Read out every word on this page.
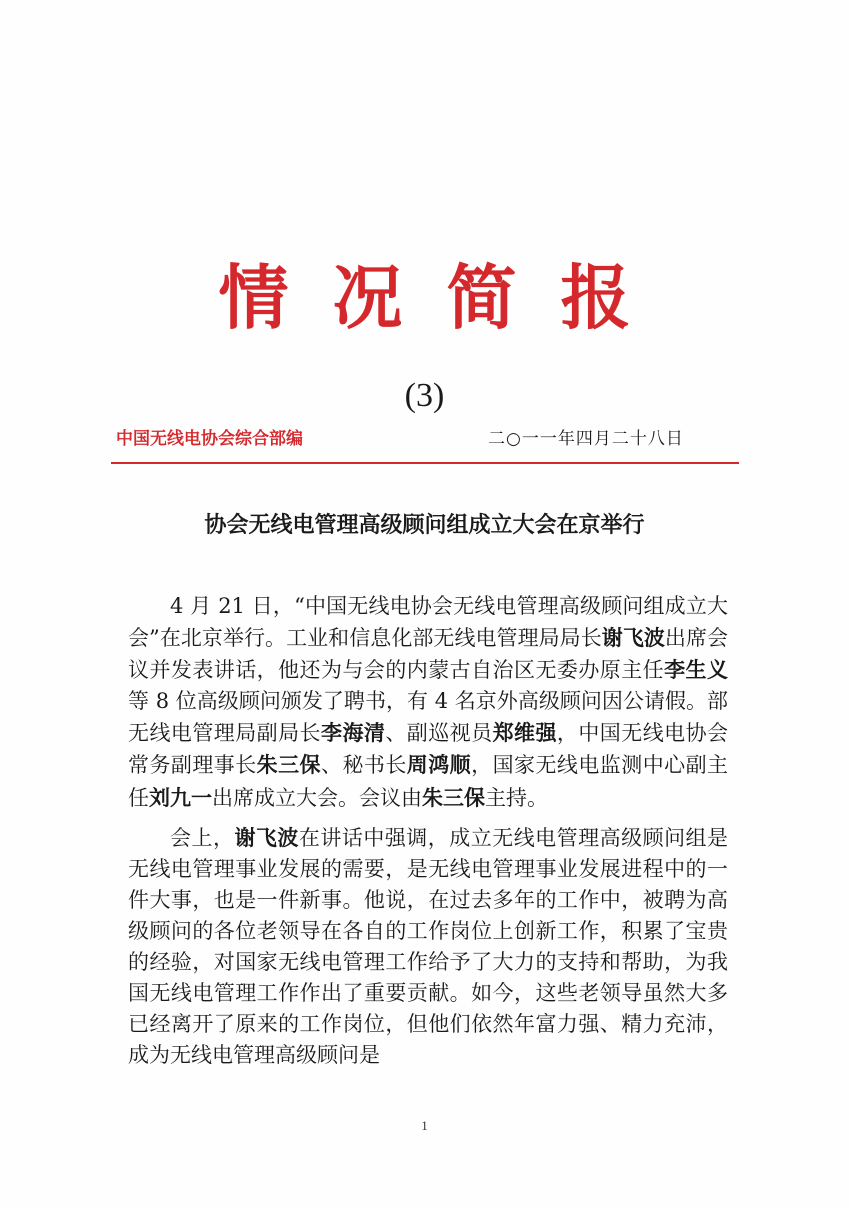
情况简报
(3)
中国无线电协会综合部编	二○一一年四月二十八日
协会无线电管理高级顾问组成立大会在京举行

4 月 21 日，“中国无线电协会无线电管理高级顾问组成立大会”在北京举行。工业和信息化部无线电管理局局长谢飞波出席会议并发表讲话，他还为与会的内蒙古自治区无委办原主任李生义等 8 位高级顾问颁发了聘书，有 4 名京外高级顾问因公请假。部无线电管理局副局长李海清、副巡视员郑维强，中国无线电协会常务副理事长朱三保、秘书长周鸿顺，国家无线电监测中心副主任刘九一出席成立大会。会议由朱三保主持。

会上，谢飞波在讲话中强调，成立无线电管理高级顾问组是无线电管理事业发展的需要，是无线电管理事业发展进程中的一件大事，也是一件新事。他说，在过去多年的工作中，被聘为高级顾问的各位老领导在各自的工作岗位上创新工作，积累了宝贵的经验，对国家无线电管理工作给予了大力的支持和帮助，为我国无线电管理工作作出了重要贡献。如今，这些老领导虽然大多已经离开了原来的工作岗位，但他们依然年富力强、精力充沛，成为无线电管理高级顾问是

1
